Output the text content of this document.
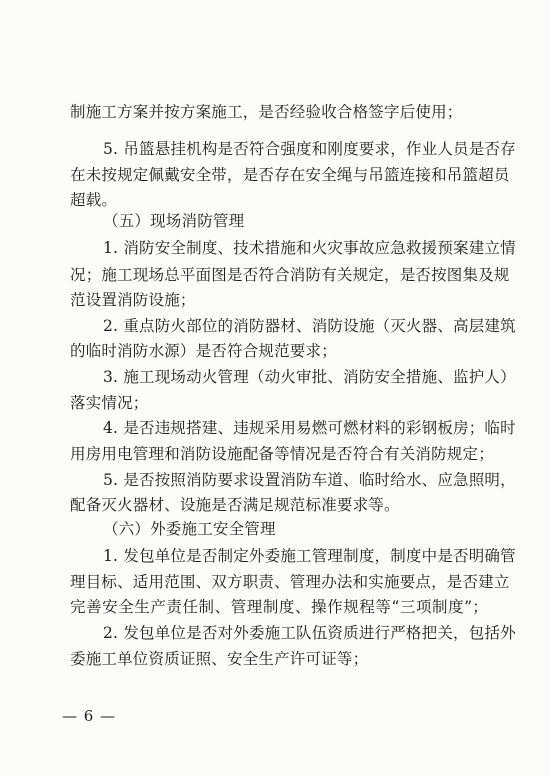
制施工方案并按方案施工，是否经验收合格签字后使用；
5. 吊篮悬挂机构是否符合强度和刚度要求，作业人员是否存
在未按规定佩戴安全带，是否存在安全绳与吊篮连接和吊篮超员
超载。
（五）现场消防管理
1. 消防安全制度、技术措施和火灾事故应急救援预案建立情
况；施工现场总平面图是否符合消防有关规定，是否按图集及规
范设置消防设施；
2. 重点防火部位的消防器材、消防设施（灭火器、高层建筑
的临时消防水源）是否符合规范要求；
3. 施工现场动火管理（动火审批、消防安全措施、监护人）
落实情况；
4. 是否违规搭建、违规采用易燃可燃材料的彩钢板房；临时
用房用电管理和消防设施配备等情况是否符合有关消防规定；
5. 是否按照消防要求设置消防车道、临时给水、应急照明，
配备灭火器材、设施是否满足规范标准要求等。
（六）外委施工安全管理
1. 发包单位是否制定外委施工管理制度，制度中是否明确管
理目标、适用范围、双方职责、管理办法和实施要点，是否建立
完善安全生产责任制、管理制度、操作规程等“三项制度”；
2. 发包单位是否对外委施工队伍资质进行严格把关，包括外
委施工单位资质证照、安全生产许可证等；
— 6 —
